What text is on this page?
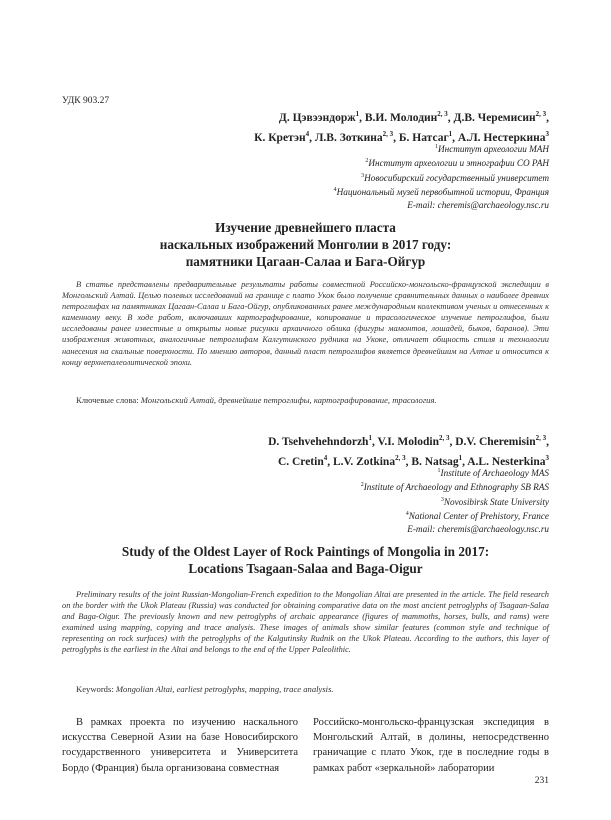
УДК 903.27
Д. Цэвээндорж$^1$, В.И. Молодин$^{2, 3}$, Д.В. Черемисин$^{2, 3}$,
К. Кретэн$^4$, Л.В. Зоткина$^{2, 3}$, Б. Натсаг$^1$, А.Л. Нестеркина$^3$
$^1$Институт археологии МАН
$^2$Институт археологии и этнографии СО РАН
$^3$Новосибирский государственный университет
$^4$Национальный музей первобытной истории, Франция
E-mail: cheremis@archaeology.nsc.ru
Изучение древнейшего пласта
наскальных изображений Монголии в 2017 году:
памятники Цагаан-Салаа и Бага-Ойгур
В статье представлены предварительные результаты работы совместной Российско-монгольско-французской экспедиции в Монгольский Алтай. Целью полевых исследований на границе с плато Укок было получение сравнительных данных о наиболее древних петроглифах на памятниках Цагаан-Салаа и Бага-Ойгур, опубликованных ранее международным коллективом ученых и отнесенных к каменному веку. В ходе работ, включавших картографирование, копирование и трасологическое изучение петроглифов, были исследованы ранее известные и открыты новые рисунки архаичного облика (фигуры мамонтов, лошадей, быков, баранов). Эти изображения животных, аналогичные петроглифам Калгутинского рудника на Укоке, отличает общность стиля и технологии нанесения на скальные поверхности. По мнению авторов, данный пласт петроглифов является древнейшим на Алтае и относится к концу верхнепалеолитической эпохи.
Ключевые слова: Монгольский Алтай, древнейшие петроглифы, картографирование, трасология.
D. Tsehvehehndorzh$^1$, V.I. Molodin$^{2, 3}$, D.V. Cheremisin$^{2, 3}$,
C. Cretin$^4$, L.V. Zotkina$^{2, 3}$, B. Natsag$^1$, A.L. Nesterkina$^3$
$^1$Institute of Archaeology MAS
$^2$Institute of Archaeology and Ethnography SB RAS
$^3$Novosibirsk State University
$^4$National Center of Prehistory, France
E-mail: cheremis@archaeology.nsc.ru
Study of the Oldest Layer of Rock Paintings of Mongolia in 2017:
Locations Tsagaan-Salaa and Baga-Oigur
Preliminary results of the joint Russian-Mongolian-French expedition to the Mongolian Altai are presented in the article. The field research on the border with the Ukok Plateau (Russia) was conducted for obtaining comparative data on the most ancient petroglyphs of Tsagaan-Salaa and Baga-Oigur. The previously known and new petroglyphs of archaic appearance (figures of mammoths, horses, bulls, and rams) were examined using mapping, copying and trace analysis. These images of animals show similar features (common style and technique of representing on rock surfaces) with the petroglyphs of the Kalgutinsky Rudnik on the Ukok Plateau. According to the authors, this layer of petroglyphs is the earliest in the Altai and belongs to the end of the Upper Paleolithic.
Keywords: Mongolian Altai, earliest petroglyphs, mapping, trace analysis.
В рамках проекта по изучению наскального искусства Северной Азии на базе Новосибирского государственного университета и Университета Бордо (Франция) была организована совместная
Российско-монгольско-французская экспедиция в Монгольский Алтай, в долины, непосредственно граничащие с плато Укок, где в последние годы в рамках работ «зеркальной» лаборатории
231
